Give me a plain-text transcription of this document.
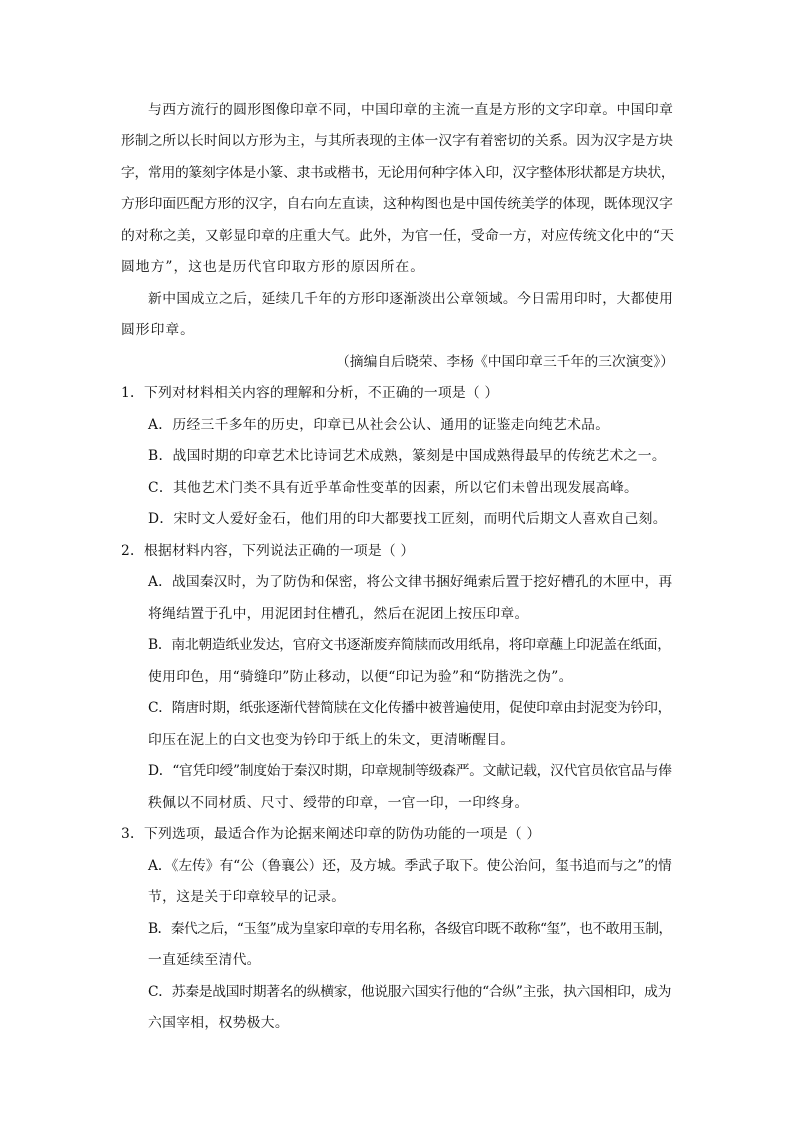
与西方流行的圆形图像印章不同，中国印章的主流一直是方形的文字印章。中国印章

形制之所以长时间以方形为主，与其所表现的主体一汉字有着密切的关系。因为汉字是方块

字，常用的篆刻字体是小篆、隶书或楷书，无论用何种字体入印，汉字整体形状都是方块状，

方形印面匹配方形的汉字，自右向左直读，这种构图也是中国传统美学的体现，既体现汉字

的对称之美，又彰显印章的庄重大气。此外，为官一任，受命一方，对应传统文化中的“天

圆地方”，这也是历代官印取方形的原因所在。

新中国成立之后，延续几千年的方形印逐渐淡出公章领域。今日需用印时，大都使用

圆形印章。

（摘编自后晓荣、李杨《中国印章三千年的三次演变》）

1．下列对材料相关内容的理解和分析，不正确的一项是（ ）

A．历经三千多年的历史，印章已从社会公认、通用的证鉴走向纯艺术品。

B．战国时期的印章艺术比诗词艺术成熟，篆刻是中国成熟得最早的传统艺术之一。

C．其他艺术门类不具有近乎革命性变革的因素，所以它们未曾出现发展高峰。

D．宋时文人爱好金石，他们用的印大都要找工匠刻，而明代后期文人喜欢自己刻。

2．根据材料内容，下列说法正确的一项是（ ）

A．战国秦汉时，为了防伪和保密，将公文律书捆好绳索后置于挖好槽孔的木匣中，再

将绳结置于孔中，用泥团封住槽孔，然后在泥团上按压印章。

B．南北朝造纸业发达，官府文书逐渐废弃简牍而改用纸帛，将印章蘸上印泥盖在纸面，

使用印色，用“骑缝印”防止移动，以便“印记为验”和“防揩洗之伪”。

C．隋唐时期，纸张逐渐代替简牍在文化传播中被普遍使用，促使印章由封泥变为钤印，

印压在泥上的白文也变为钤印于纸上的朱文，更清晰醒目。

D．“官凭印绶”制度始于秦汉时期，印章规制等级森严。文献记载，汉代官员依官品与俸

秩佩以不同材质、尺寸、绶带的印章，一官一印，一印终身。

3．下列选项，最适合作为论据来阐述印章的防伪功能的一项是（ ）

A．《左传》有“公（鲁襄公）还，及方城。季武子取下。使公治问，玺书追而与之”的情

节，这是关于印章较早的记录。

B．秦代之后，“玉玺”成为皇家印章的专用名称，各级官印既不敢称“玺”，也不敢用玉制，

一直延续至清代。

C．苏秦是战国时期著名的纵横家，他说服六国实行他的“合纵”主张，执六国相印，成为

六国宰相，权势极大。
